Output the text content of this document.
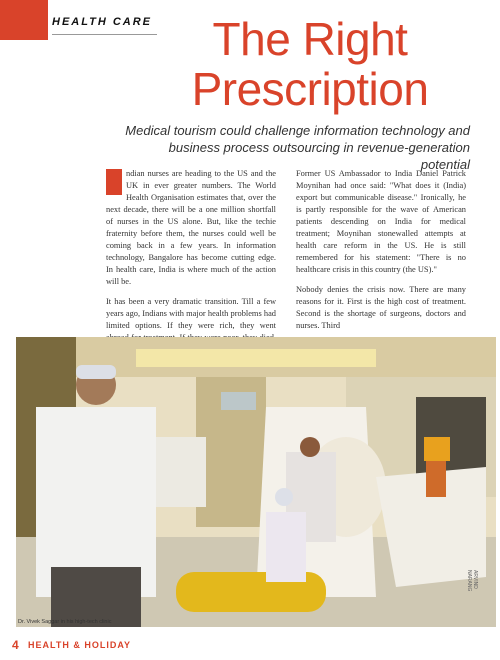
HEALTH CARE	The Right
Prescription
Medical tourism could challenge information technology and business process outsourcing in revenue-generation potential

ndian nurses are heading to the US and the UK in ever greater numbers. The World Health Organisation estimates that, over the next decade, there will be a one million shortfall of nurses in the US alone. But, like the techie fraternity before them, the nurses could well be coming back in a few years. In information technology, Bangalore has become cutting edge. In health care, India is where much of the action will be.

It has been a very dramatic transition. Till a few years ago, Indians with major health problems had limited options. If they were rich, they went

Former US Ambassador to India Daniel Patrick Moynihan had once said: "What does it (India) export but communicable disease." Ironically, he is partly responsible for the wave of American patients descending on India for medical treatment; Moynihan stonewalled attempts at health care reform in the US. He is still remembered for his statement: "There is no healthcare crisis in this country (the US)."

Nobody denies the crisis now. There are many reasons for it. First is the high cost of treatment. Second is the shortage of surgeons, doctors and nurses. Third

Dr. Vivek Saggar in his high-tech clinic
ARVIND NARANG
4 HEALTH & HOLIDAY
